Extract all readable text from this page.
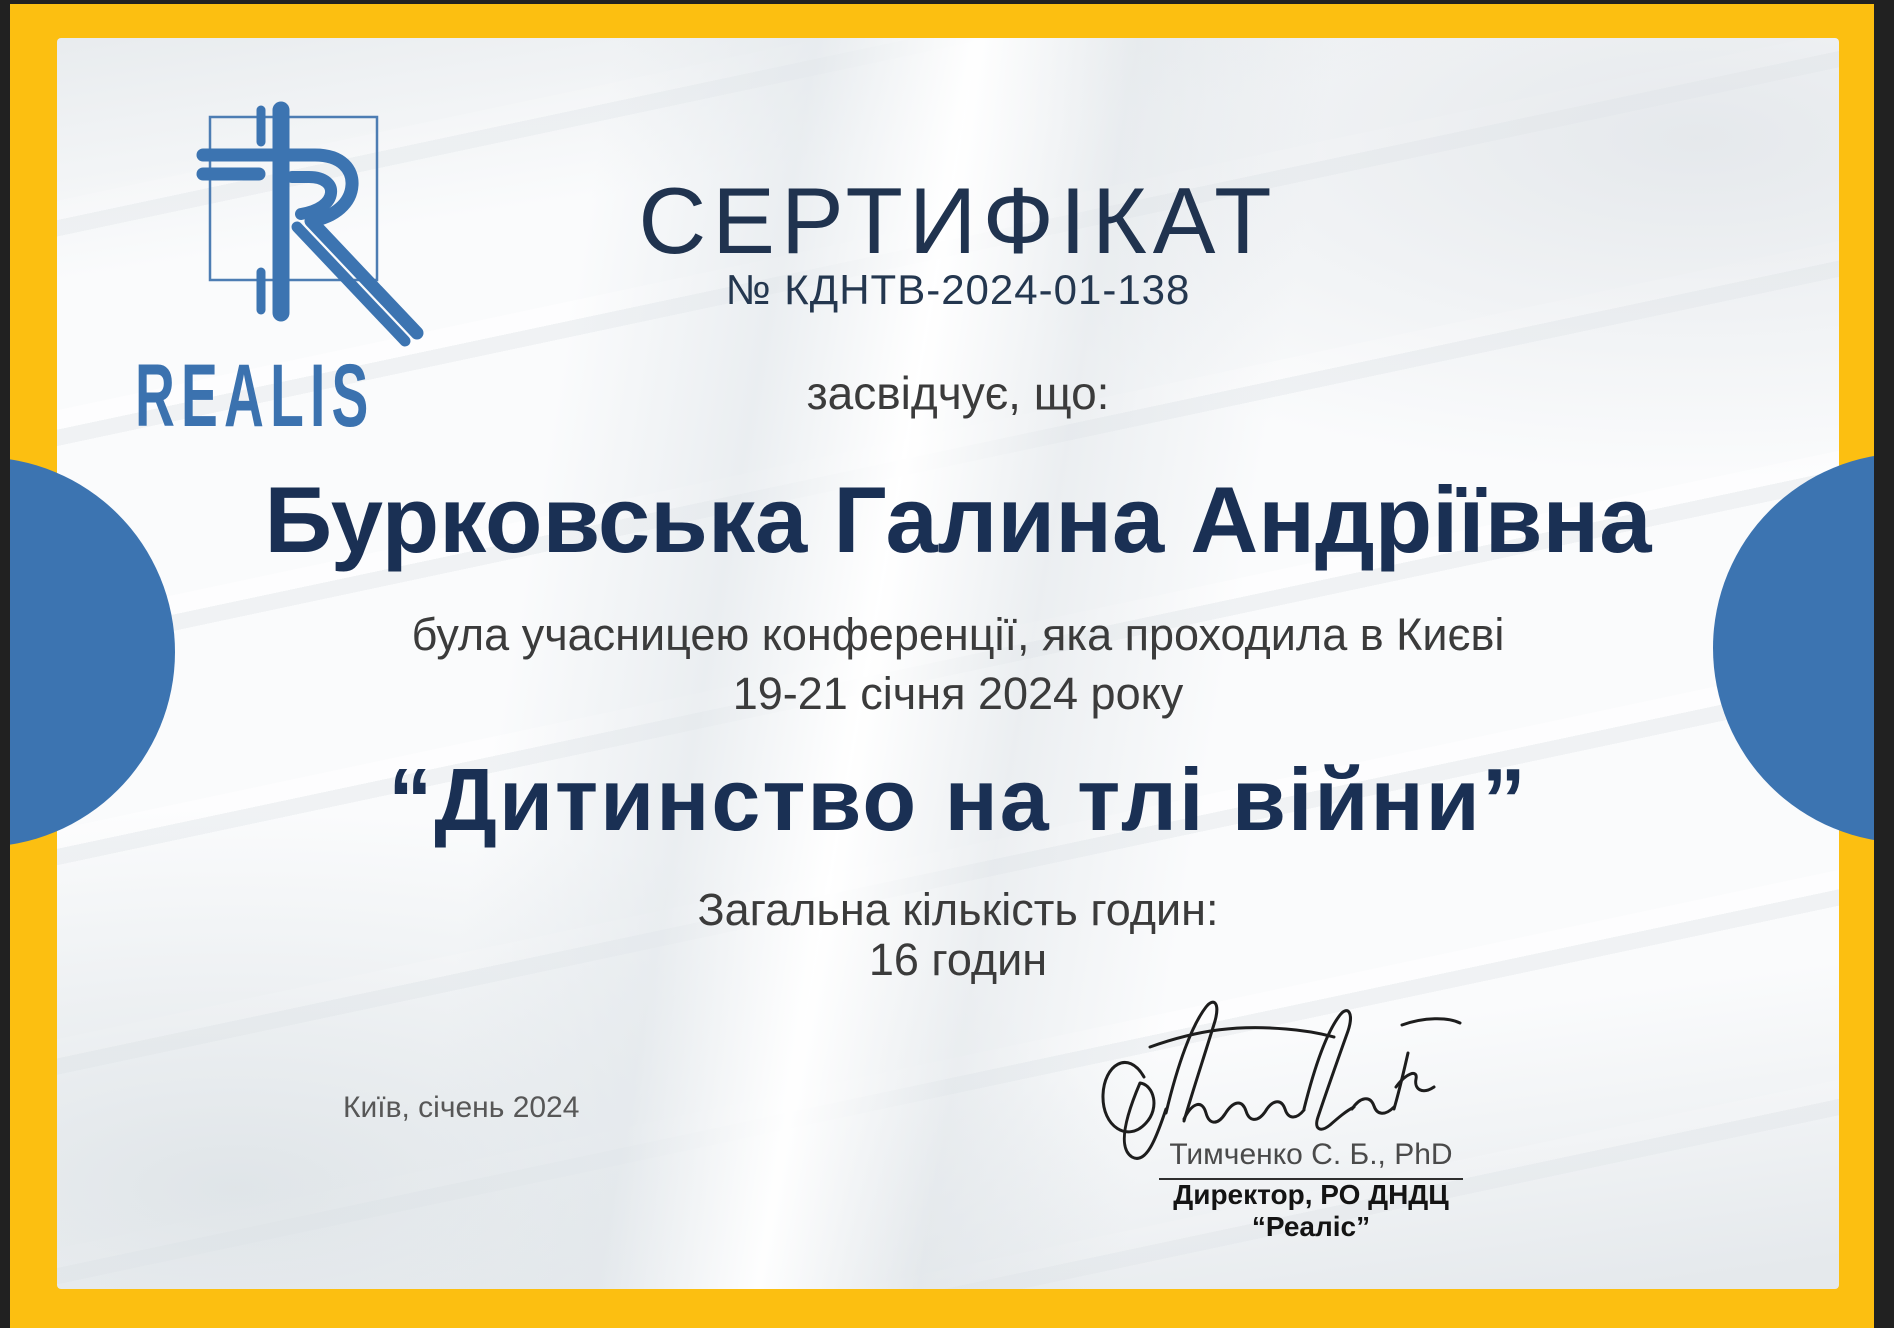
REALIS
СЕРТИФІКАТ
№ КДНТВ-2024-01-138
засвідчує, що:
Бурковська Галина Андріївна
була учасницею конференції, яка проходила в Києві
19-21 січня 2024 року
“Дитинство на тлі війни”
Загальна кількість годин:
16 годин
Київ, січень 2024
Тимченко С. Б., PhD
Директор, РО ДНДЦ
“Реаліс”
